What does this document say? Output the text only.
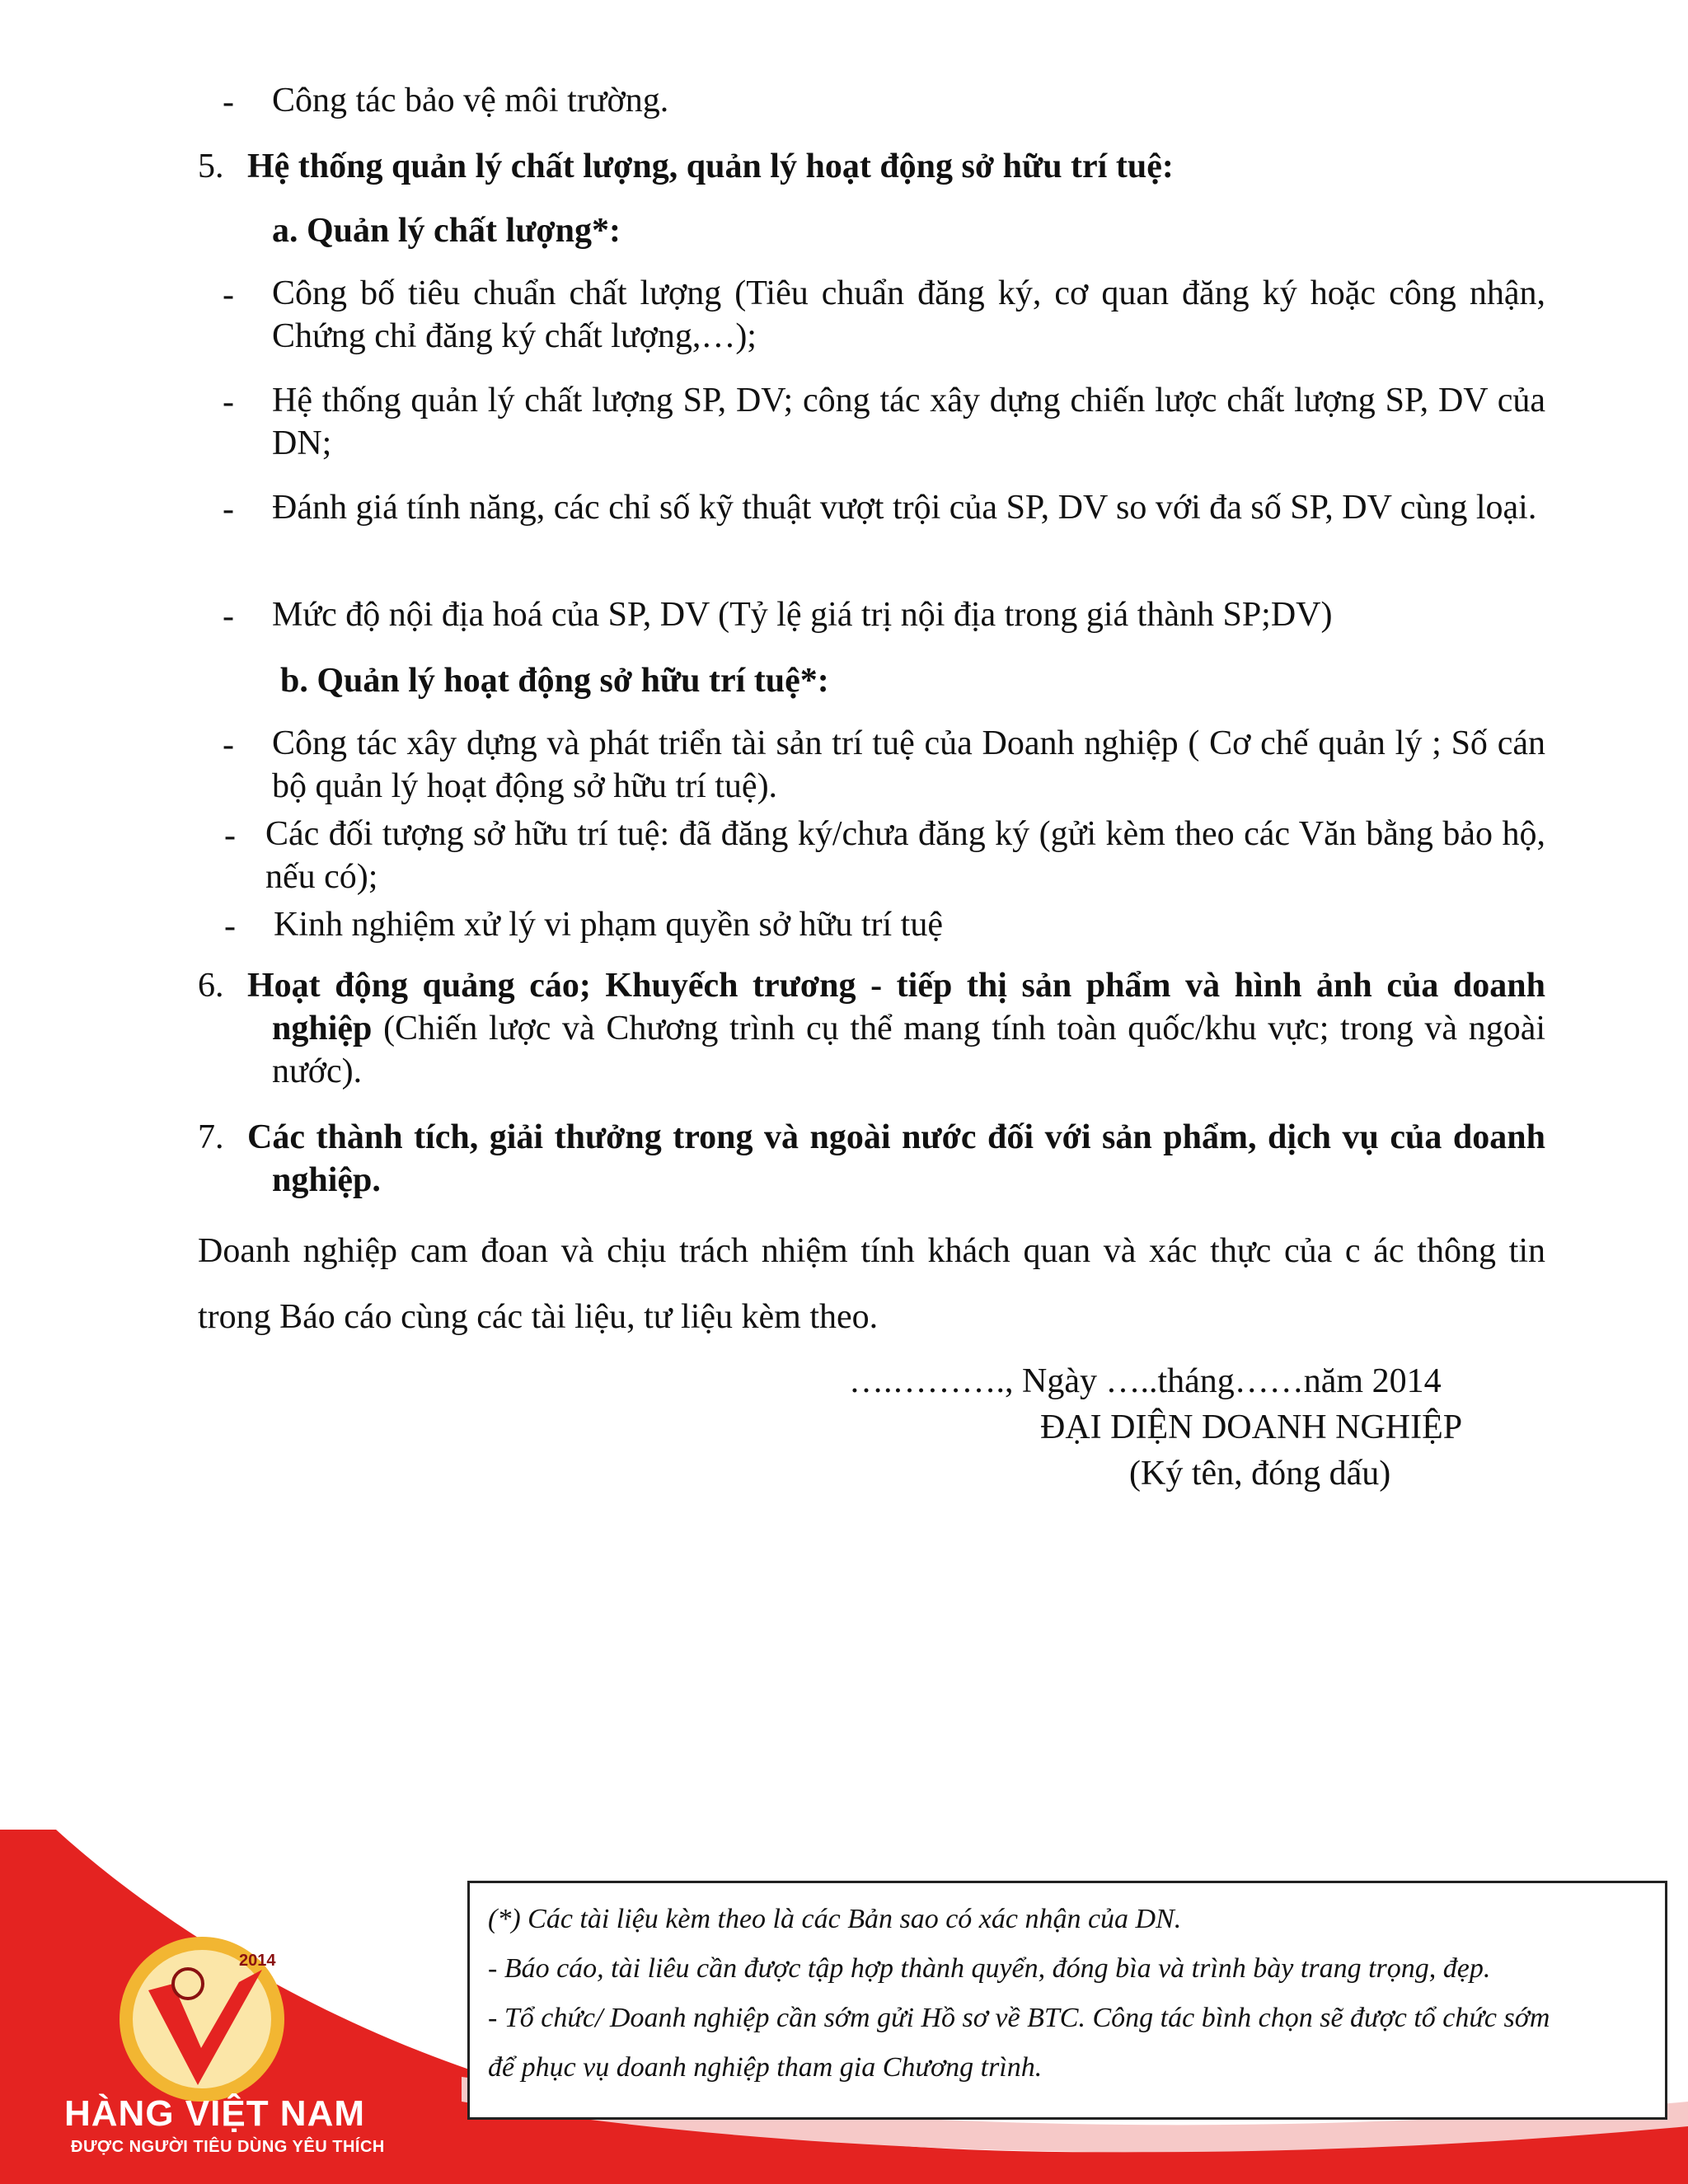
2014
HÀNG VIỆT NAM
ĐƯỢC NGƯỜI TIÊU DÙNG YÊU THÍCH
- Công tác bảo vệ môi trường.
5. Hệ thống quản lý chất lượng, quản lý hoạt động sở hữu trí tuệ:
a. Quản lý chất lượng*:
- Công bố tiêu chuẩn chất lượng (Tiêu chuẩn đăng ký, cơ quan đăng ký hoặc công nhận, Chứng chỉ đăng ký chất lượng,…);
- Hệ thống quản lý chất lượng SP, DV; công tác xây dựng chiến lược chất lượng SP, DV của DN;
- Đánh giá tính năng, các chỉ số kỹ thuật vượt trội của SP, DV so với đa số SP, DV cùng loại.
- Mức độ nội địa hoá của SP, DV (Tỷ lệ giá trị nội địa trong giá thành SP;DV)
b. Quản lý hoạt động sở hữu trí tuệ*:
- Công tác xây dựng và phát triển tài sản trí tuệ của Doanh nghiệp ( Cơ chế quản lý ; Số cán bộ quản lý hoạt động sở hữu trí tuệ).
- Các đối tượng sở hữu trí tuệ: đã đăng ký/chưa đăng ký (gửi kèm theo các Văn bằng bảo hộ, nếu có);
- Kinh nghiệm xử lý vi phạm quyền sở hữu trí tuệ
6. Hoạt động quảng cáo; Khuyếch trương - tiếp thị sản phẩm và hình ảnh của doanh nghiệp (Chiến lược và Chương trình cụ thể mang tính toàn quốc/khu vực; trong và ngoài nước).
7. Các thành tích, giải thưởng trong và ngoài nước đối với sản phẩm, dịch vụ của doanh nghiệp.
Doanh nghiệp cam đoan và chịu trách nhiệm tính khách quan và xác thực của c ác thông tin trong Báo cáo cùng các tài liệu, tư liệu kèm theo.
….………., Ngày …..tháng……năm 2014
ĐẠI DIỆN DOANH NGHIỆP
(Ký tên, đóng dấu)
(*) Các tài liệu kèm theo là các Bản sao có xác nhận của DN.
- Báo cáo, tài liêu cần được tập hợp thành quyển, đóng bìa và trình bày trang trọng, đẹp.
- Tổ chức/ Doanh nghiệp cần sớm gửi Hồ sơ về BTC. Công tác bình chọn sẽ được tổ chức sớm
để phục vụ doanh nghiệp tham gia Chương trình.
